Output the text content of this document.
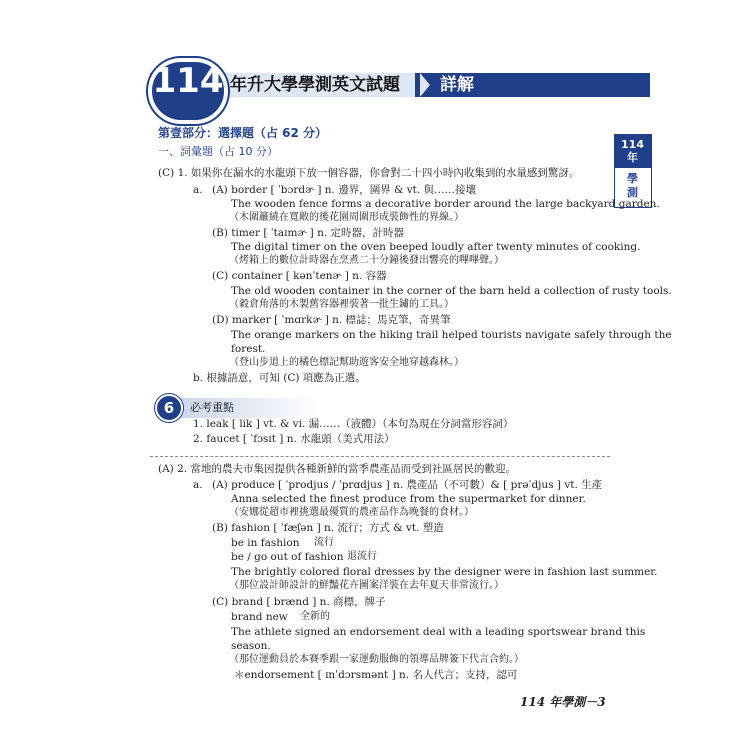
114 年升大學學測英文試題 詳解
114
年
學
測
第壹部分：選擇題（占 62 分）
一、詞彙題（占 10 分）
(C) 1. 如果你在漏水的水龍頭下放一個容器，你會對二十四小時內收集到的水量感到驚訝。
a. (A) border [ ˈbɔrdɚ ] n. 邊界，圍界 & vt. 與……接壤
The wooden fence forms a decorative border around the large backyard garden.
（木圍籬繞在寬敞的後花園周圍形成裝飾性的界線。）
(B) timer [ ˈtaɪmɚ ] n. 定時器，計時器
The digital timer on the oven beeped loudly after twenty minutes of cooking.
（烤箱上的數位計時器在烹煮二十分鐘後發出響亮的嗶嗶聲。）
(C) container [ kənˈtenɚ ] n. 容器
The old wooden container in the corner of the barn held a collection of rusty tools.
（穀倉角落的木製舊容器裡裝著一批生鏽的工具。）
(D) marker [ ˈmɑrkɚ ] n. 標誌；馬克筆，奇異筆
The orange markers on the hiking trail helped tourists navigate safely through the
forest.
（登山步道上的橘色標記幫助遊客安全地穿越森林。）
b. 根據語意，可知 (C) 項應為正選。
6	必考重點
1. leak [ lik ] vt. & vi. 漏……（液體）（本句為現在分詞當形容詞）
2. faucet [ ˈfɔsɪt ] n. 水龍頭（美式用法）
(A) 2. 當地的農夫市集因提供各種新鮮的當季農產品而受到社區居民的歡迎。
a. (A) produce [ ˈprodjus / ˈprɑdjus ] n. 農產品（不可數）& [ prəˈdjus ] vt. 生產
Anna selected the finest produce from the supermarket for dinner.
（安娜從超市裡挑選最優質的農產品作為晚餐的食材。）
(B) fashion [ ˈfæʃən ] n. 流行；方式 & vt. 塑造
be in fashion 流行
be / go out of fashion 退流行
The brightly colored floral dresses by the designer were in fashion last summer.
（那位設計師設計的鮮豔花卉圖案洋裝在去年夏天非常流行。）
(C) brand [ brænd ] n. 商標，牌子
brand new 全新的
The athlete signed an endorsement deal with a leading sportswear brand this
season.
（那位運動員於本賽季跟一家運動服飾的領導品牌簽下代言合約。）
＊endorsement [ ɪnˈdɔrsmənt ] n. 名人代言；支持，認可
114 年學測－3
